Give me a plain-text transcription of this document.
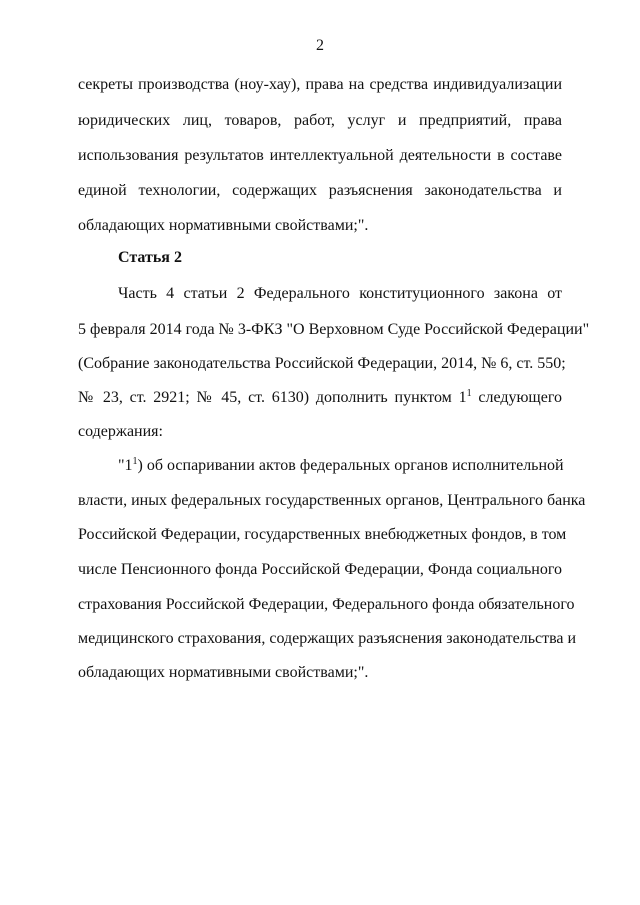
2
секреты производства (ноу-хау), права на средства индивидуализации
юридических лиц, товаров, работ, услуг и предприятий, права
использования результатов интеллектуальной деятельности в составе
единой технологии, содержащих разъяснения законодательства и
обладающих нормативными свойствами;".
Статья 2
Часть 4 статьи 2 Федерального конституционного закона от
5 февраля 2014 года № 3-ФКЗ "О Верховном Суде Российской Федерации"
(Собрание законодательства Российской Федерации, 2014, № 6, ст. 550;
№ 23, ст. 2921; № 45, ст. 6130) дополнить пунктом $1^1$ следующего
содержания:
"$1^1$) об оспаривании актов федеральных органов исполнительной
власти, иных федеральных государственных органов, Центрального банка
Российской Федерации, государственных внебюджетных фондов, в том
числе Пенсионного фонда Российской Федерации, Фонда социального
страхования Российской Федерации, Федерального фонда обязательного
медицинского страхования, содержащих разъяснения законодательства и
обладающих нормативными свойствами;".
